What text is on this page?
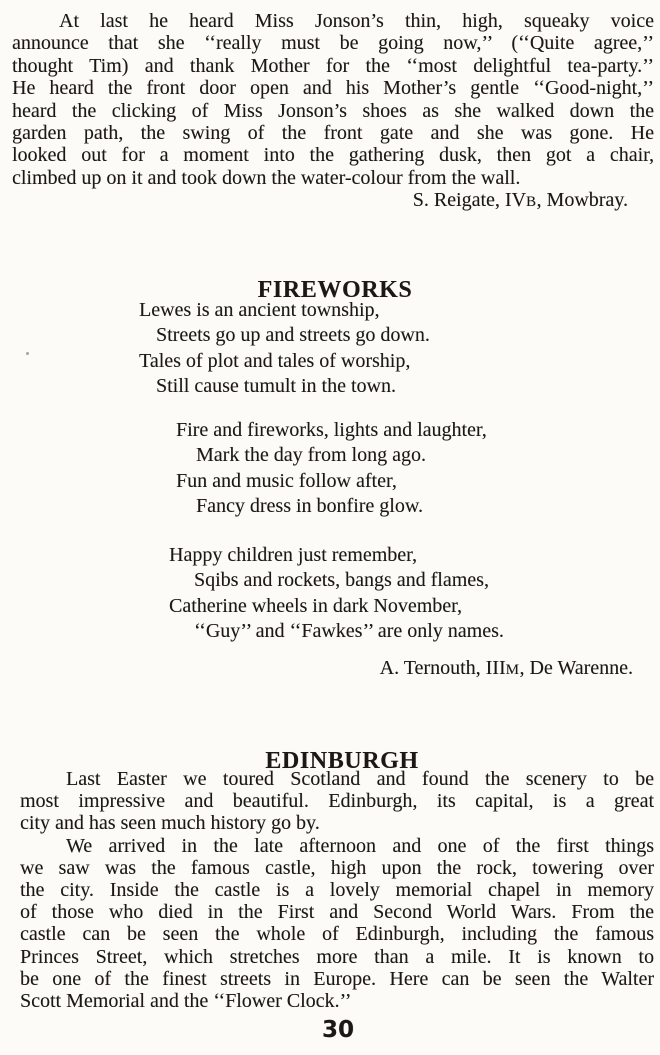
At last he heard Miss Jonson’s thin, high, squeaky voice
announce that she ‘‘really must be going now,’’ (‘‘Quite agree,’’
thought Tim) and thank Mother for the ‘‘most delightful tea-party.’’
He heard the front door open and his Mother’s gentle ‘‘Good-night,’’
heard the clicking of Miss Jonson’s shoes as she walked down the
garden path, the swing of the front gate and she was gone. He
looked out for a moment into the gathering dusk, then got a chair,
climbed up on it and took down the water-colour from the wall.
S. Reigate, IVB, Mowbray.
FIREWORKS
Lewes is an ancient township,
Streets go up and streets go down.
Tales of plot and tales of worship,
Still cause tumult in the town.
Fire and fireworks, lights and laughter,
Mark the day from long ago.
Fun and music follow after,
Fancy dress in bonfire glow.
Happy children just remember,
Sqibs and rockets, bangs and flames,
Catherine wheels in dark November,
‘‘Guy’’ and ‘‘Fawkes’’ are only names.
A. Ternouth, IIIM, De Warenne.
EDINBURGH
Last Easter we toured Scotland and found the scenery to be
most impressive and beautiful. Edinburgh, its capital, is a great
city and has seen much history go by.
We arrived in the late afternoon and one of the first things
we saw was the famous castle, high upon the rock, towering over
the city. Inside the castle is a lovely memorial chapel in memory
of those who died in the First and Second World Wars. From the
castle can be seen the whole of Edinburgh, including the famous
Princes Street, which stretches more than a mile. It is known to
be one of the finest streets in Europe. Here can be seen the Walter
Scott Memorial and the ‘‘Flower Clock.’’
30
